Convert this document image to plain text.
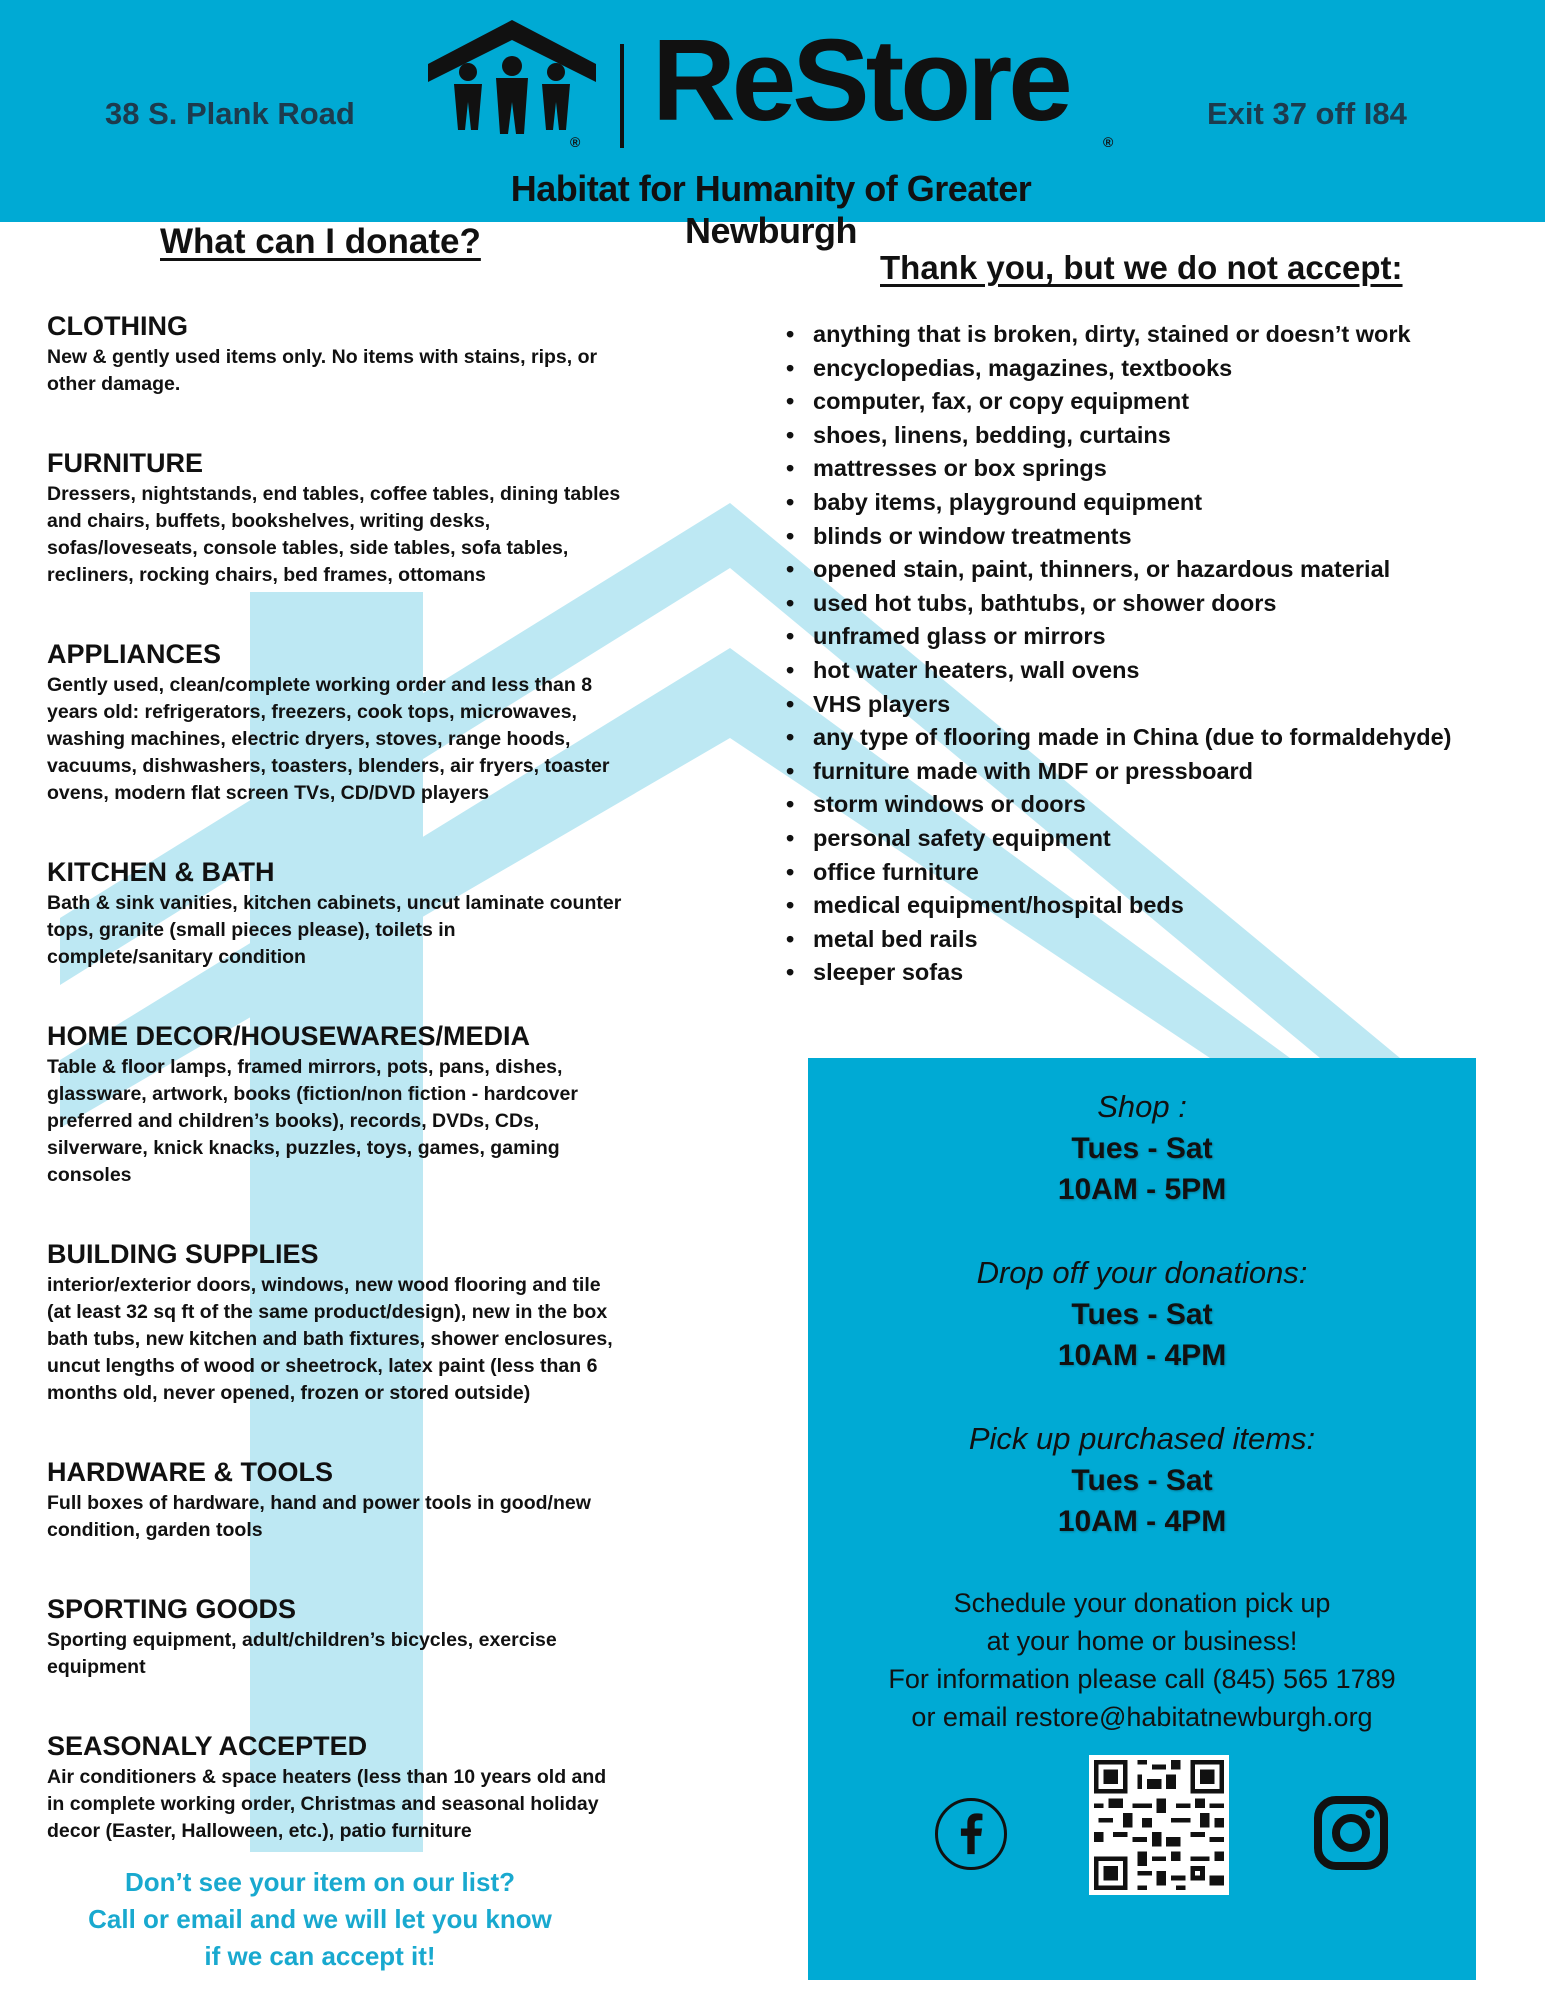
38 S. Plank Road
® ReStore ®
Habitat for Humanity of Greater Newburgh
Exit 37 off I84
What can I donate?
CLOTHING
New & gently used items only. No items with stains, rips, or other damage.
FURNITURE
Dressers, nightstands, end tables, coffee tables, dining tables and chairs, buffets, bookshelves, writing desks, sofas/loveseats, console tables, side tables, sofa tables, recliners, rocking chairs, bed frames, ottomans
APPLIANCES
Gently used, clean/complete working order and less than 8 years old: refrigerators, freezers, cook tops, microwaves, washing machines, electric dryers, stoves, range hoods, vacuums, dishwashers, toasters, blenders, air fryers, toaster ovens, modern flat screen TVs, CD/DVD players
KITCHEN & BATH
Bath & sink vanities, kitchen cabinets, uncut laminate counter tops, granite (small pieces please), toilets in complete/sanitary condition
HOME DECOR/HOUSEWARES/MEDIA
Table & floor lamps, framed mirrors, pots, pans, dishes, glassware, artwork, books (fiction/non fiction - hardcover preferred and children’s books), records, DVDs, CDs, silverware, knick knacks, puzzles, toys, games, gaming consoles
BUILDING SUPPLIES
interior/exterior doors, windows, new wood flooring and tile (at least 32 sq ft of the same product/design), new in the box bath tubs, new kitchen and bath fixtures, shower enclosures, uncut lengths of wood or sheetrock, latex paint (less than 6 months old, never opened, frozen or stored outside)
HARDWARE & TOOLS
Full boxes of hardware, hand and power tools in good/new condition, garden tools
SPORTING GOODS
Sporting equipment, adult/children’s bicycles, exercise equipment
SEASONALY ACCEPTED
Air conditioners & space heaters (less than 10 years old and in complete working order, Christmas and seasonal holiday decor (Easter, Halloween, etc.), patio furniture
Don’t see your item on our list?
Call or email and we will let you know
if we can accept it!
Thank you, but we do not accept:
• anything that is broken, dirty, stained or doesn’t work
• encyclopedias, magazines, textbooks
• computer, fax, or copy equipment
• shoes, linens, bedding, curtains
• mattresses or box springs
• baby items, playground equipment
• blinds or window treatments
• opened stain, paint, thinners, or hazardous material
• used hot tubs, bathtubs, or shower doors
• unframed glass or mirrors
• hot water heaters, wall ovens
• VHS players
• any type of flooring made in China (due to formaldehyde)
• furniture made with MDF or pressboard
• storm windows or doors
• personal safety equipment
• office furniture
• medical equipment/hospital beds
• metal bed rails
• sleeper sofas
Shop :
Tues - Sat
10AM - 5PM
Drop off your donations:
Tues - Sat
10AM - 4PM
Pick up purchased items:
Tues - Sat
10AM - 4PM
Schedule your donation pick up
at your home or business!
For information please call (845) 565 1789
or email restore@habitatnewburgh.org
